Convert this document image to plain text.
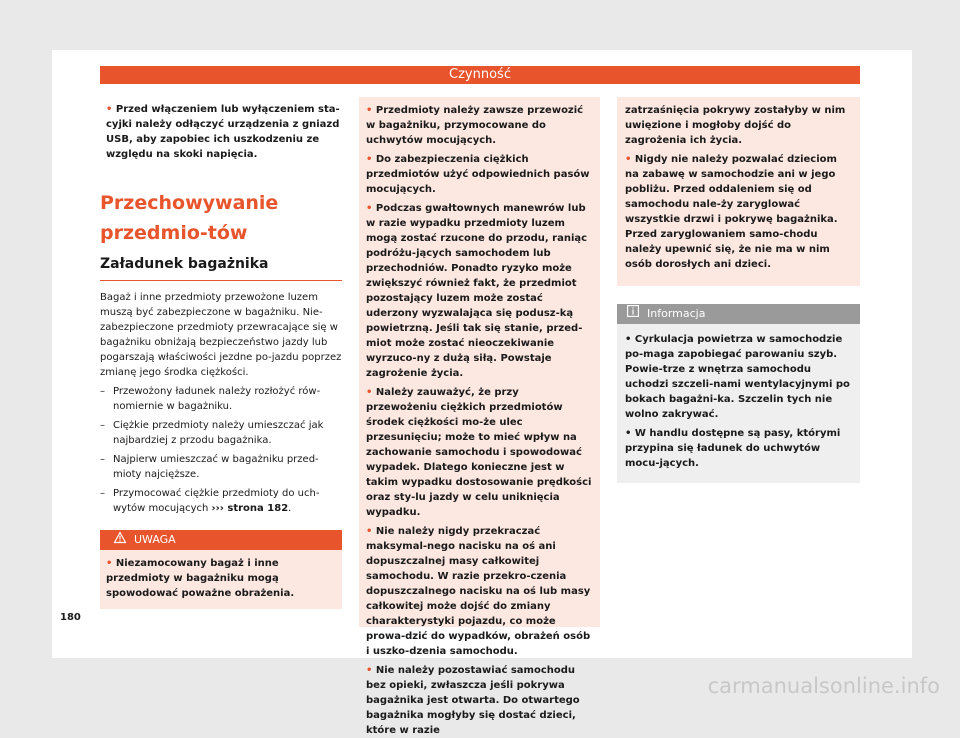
Czynność
• Przed włączeniem lub wyłączeniem sta-cyjki należy odłączyć urządzenia z gniazd USB, aby zapobiec ich uszkodzeniu ze względu na skoki napięcia.
Przechowywanie przedmio-tów
Załadunek bagażnika
Bagaż i inne przedmioty przewożone luzem muszą być zabezpieczone w bagażniku. Nie-zabezpieczone przedmioty przewracające się w bagażniku obniżają bezpieczeństwo jazdy lub pogarszają właściwości jezdne po-jazdu poprzez zmianę jego środka ciężkości.
– Przewożony ładunek należy rozłożyć rów-nomiernie w bagażniku.
– Ciężkie przedmioty należy umieszczać jak najbardziej z przodu bagażnika.
– Najpierw umieszczać w bagażniku przed-mioty najcięższe.
– Przymocować ciężkie przedmioty do uch-wytów mocujących ››› strona 182.
UWAGA
• Niezamocowany bagaż i inne przedmioty w bagażniku mogą spowodować poważne obrażenia.

• Przedmioty należy zawsze przewozić w bagażniku, przymocowane do uchwytów mocujących.

• Do zabezpieczenia ciężkich przedmiotów użyć odpowiednich pasów mocujących.

• Podczas gwałtownych manewrów lub w razie wypadku przedmioty luzem mogą zostać rzucone do przodu, raniąc podróżu-jących samochodem lub przechodniów. Ponadto ryzyko może zwiększyć również fakt, że przedmiot pozostający luzem może zostać uderzony wyzwalająca się podusz-ką powietrzną. Jeśli tak się stanie, przed-miot może zostać nieoczekiwanie wyrzuco-ny z dużą siłą. Powstaje zagrożenie życia.

• Należy zauważyć, że przy przewożeniu ciężkich przedmiotów środek ciężkości mo-że ulec przesunięciu; może to mieć wpływ na zachowanie samochodu i spowodować wypadek. Dlatego konieczne jest w takim wypadku dostosowanie prędkości oraz sty-lu jazdy w celu uniknięcia wypadku.

• Nie należy nigdy przekraczać maksymal-nego nacisku na oś ani dopuszczalnej masy całkowitej samochodu. W razie przekro-czenia dopuszczalnego nacisku na oś lub masy całkowitej może dojść do zmiany charakterystyki pojazdu, co może prowa-dzić do wypadków, obrażeń osób i uszko-dzenia samochodu.

• Nie należy pozostawiać samochodu bez opieki, zwłaszcza jeśli pokrywa bagażnika jest otwarta. Do otwartego bagażnika mogłyby się dostać dzieci, które w razie

zatrzaśnięcia pokrywy zostałyby w nim uwięzione i mogłoby dojść do zagrożenia ich życia.

• Nigdy nie należy pozwalać dzieciom na zabawę w samochodzie ani w jego pobliżu. Przed oddaleniem się od samochodu nale-ży zaryglować wszystkie drzwi i pokrywę bagażnika. Przed zaryglowaniem samo-chodu należy upewnić się, że nie ma w nim osób dorosłych ani dzieci.

Informacja

• Cyrkulacja powietrza w samochodzie po-maga zapobiegać parowaniu szyb. Powie-trze z wnętrza samochodu uchodzi szczeli-nami wentylacyjnymi po bokach bagażni-ka. Szczelin tych nie wolno zakrywać.

• W handlu dostępne są pasy, którymi przypina się ładunek do uchwytów mocu-jących.

180
carmanualsonline.info
